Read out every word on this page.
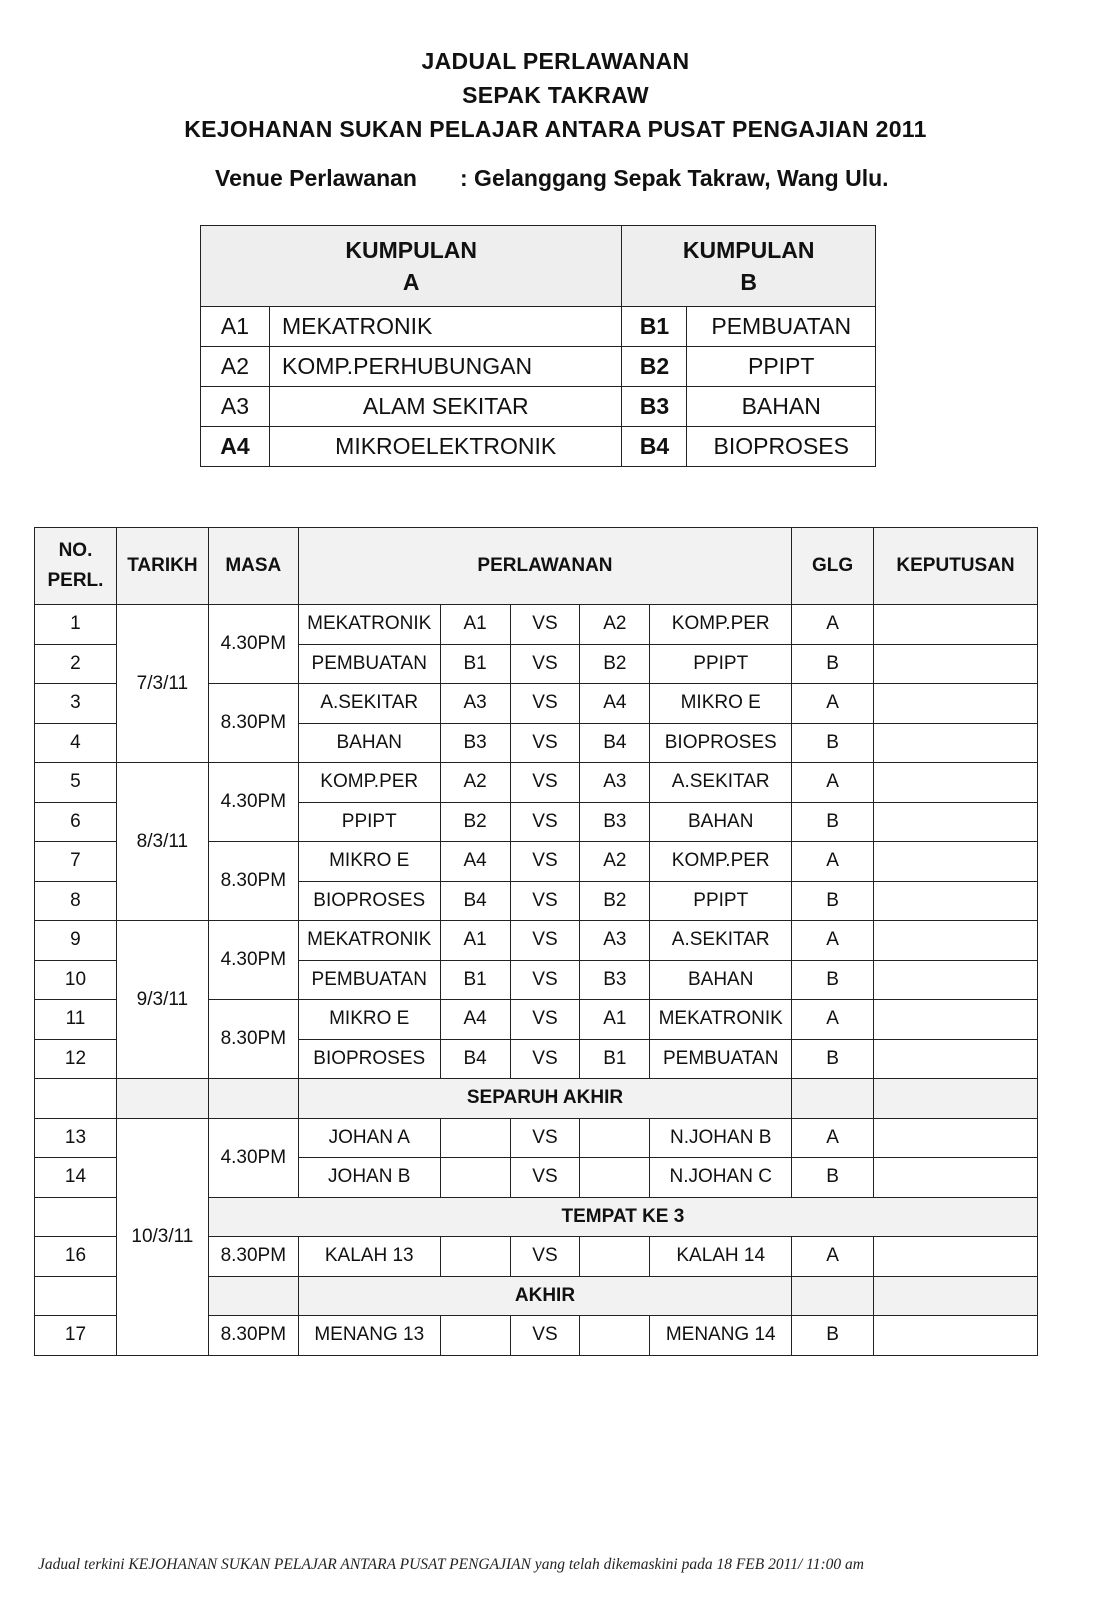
JADUAL PERLAWANAN
SEPAK TAKRAW
KEJOHANAN SUKAN PELAJAR ANTARA PUSAT PENGAJIAN 2011
Venue Perlawanan : Gelanggang Sepak Takraw, Wang Ulu.
KUMPULAN
A		KUMPULAN
B	
A1	MEKATRONIK	B1	PEMBUATAN
A2	KOMP.PERHUBUNGAN	B2	PPIPT
A3	ALAM SEKITAR	B3	BAHAN
A4	MIKROELEKTRONIK	B4	BIOPROSES
NO.
PERL.	TARIKH	MASA	PERLAWANAN					GLG	KEPUTUSAN
1	7/3/11	4.30PM	MEKATRONIK	A1	VS	A2	KOMP.PER	A	
2			PEMBUATAN	B1	VS	B2	PPIPT	B	
3		8.30PM	A.SEKITAR	A3	VS	A4	MIKRO E	A	
4			BAHAN	B3	VS	B4	BIOPROSES	B	
5	8/3/11	4.30PM	KOMP.PER	A2	VS	A3	A.SEKITAR	A	
6			PPIPT	B2	VS	B3	BAHAN	B	
7		8.30PM	MIKRO E	A4	VS	A2	KOMP.PER	A	
8			BIOPROSES	B4	VS	B2	PPIPT	B	
9	9/3/11	4.30PM	MEKATRONIK	A1	VS	A3	A.SEKITAR	A	
10			PEMBUATAN	B1	VS	B3	BAHAN	B	
11		8.30PM	MIKRO E	A4	VS	A1	MEKATRONIK	A	
12			BIOPROSES	B4	VS	B1	PEMBUATAN	B	
			SEPARUH AKHIR						
13	10/3/11	4.30PM	JOHAN A		VS		N.JOHAN B	A	
14			JOHAN B		VS		N.JOHAN C	B	
		TEMPAT KE 3							
16		8.30PM	KALAH 13		VS		KALAH 14	A	
			AKHIR						
17		8.30PM	MENANG 13		VS		MENANG 14	B	
Jadual terkini KEJOHANAN SUKAN PELAJAR ANTARA PUSAT PENGAJIAN yang telah dikemaskini pada 18 FEB 2011/ 11:00 am
